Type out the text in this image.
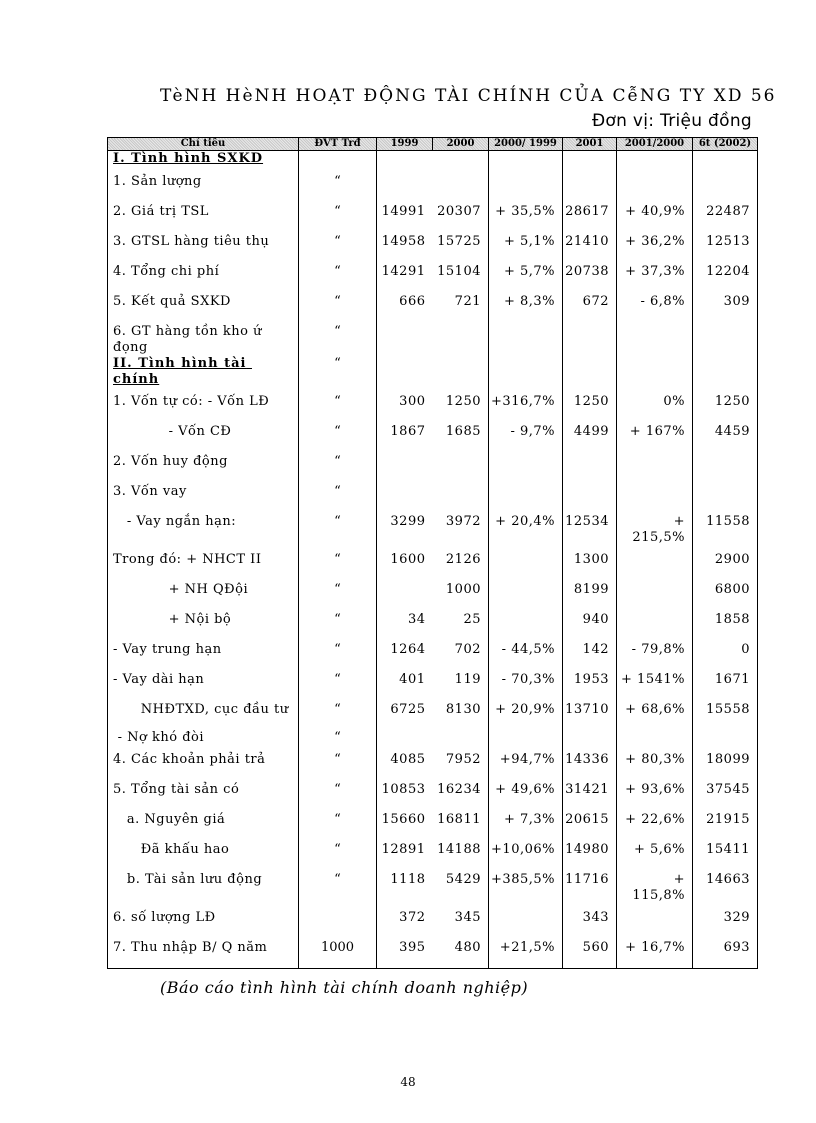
TèNH HèNH HOẠT ĐỘNG TÀI CHÍNH CỦA CễNG TY XD 56
Đơn vị: Triệu đồng
Chỉ tiêu	ĐVT Trđ	1999	2000	2000/ 1999	2001	2001/2000	6t (2002)
I. Tình hình SXKD							
1. Sản lượng	“						
2. Giá trị TSL	“	14991	20307	+ 35,5%	28617	+ 40,9%	22487
3. GTSL hàng tiêu thụ	“	14958	15725	+ 5,1%	21410	+ 36,2%	12513
4. Tổng chi phí	“	14291	15104	+ 5,7%	20738	+ 37,3%	12204
5. Kết quả SXKD	“	666	721	+ 8,3%	672	- 6,8%	309
6. GT hàng tồn kho ứ đọng	“						
II. Tình hình tài chính	“						
1. Vốn tự có: - Vốn LĐ	“	300	1250	+316,7%	1250	0%	1250
- Vốn CĐ	“	1867	1685	- 9,7%	4499	+ 167%	4459
2. Vốn huy động	“						
3. Vốn vay	“						
- Vay ngắn hạn:	“	3299	3972	+ 20,4%	12534	+ 215,5%	11558
Trong đó: + NHCT II	“	1600	2126		1300		2900
+ NH QĐội	“		1000		8199		6800
+ Nội bộ	“	34	25		940		1858
- Vay trung hạn	“	1264	702	- 44,5%	142	- 79,8%	0
- Vay dài hạn	“	401	119	- 70,3%	1953	+ 1541%	1671
NHĐTXD, cục đầu tư	“	6725	8130	+ 20,9%	13710	+ 68,6%	15558
- Nợ khó đòi	“						
4. Các khoản phải trả	“	4085	7952	+94,7%	14336	+ 80,3%	18099
5. Tổng tài sản có	“	10853	16234	+ 49,6%	31421	+ 93,6%	37545
a. Nguyên giá	“	15660	16811	+ 7,3%	20615	+ 22,6%	21915
Đã khấu hao	“	12891	14188	+10,06%	14980	+ 5,6%	15411
b. Tài sản lưu động	“	1118	5429	+385,5%	11716	+ 115,8%	14663
6. số lượng LĐ		372	345		343		329
7. Thu nhập B/ Q năm	1000	395	480	+21,5%	560	+ 16,7%	693
(Báo cáo tình hình tài chính doanh nghiệp)
48
